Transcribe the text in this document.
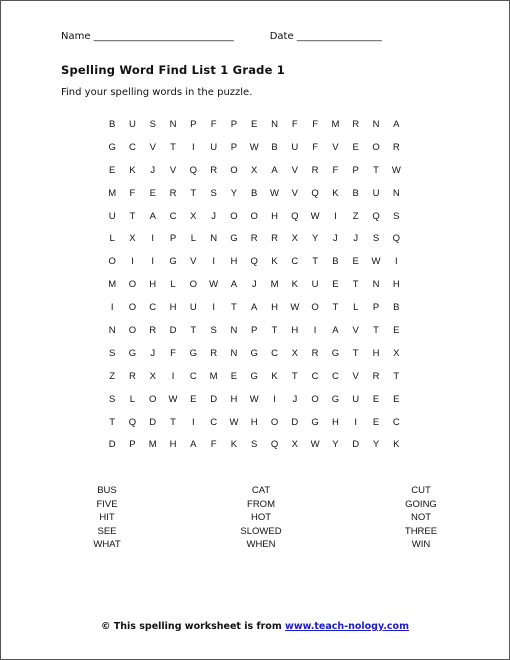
Name
____________________________	Date
_________________
Spelling Word Find List 1 Grade 1
Find your spelling words in the puzzle.
B	U	S	N	P	F	P	E	N	F	F	M	R	N	A
G	C	V	T	I	U	P	W	B	U	F	V	E	O	R
E	K	J	V	Q	R	O	X	A	V	R	F	P	T	W
M	F	E	R	T	S	Y	B	W	V	Q	K	B	U	N
U	T	A	C	X	J	O	O	H	Q	W	I	Z	Q	S
L	X	I	P	L	N	G	R	R	X	Y	J	J	S	Q
O	I	I	G	V	I	H	Q	K	C	T	B	E	W	I
M	O	H	L	O	W	A	J	M	K	U	E	T	N	H
I	O	C	H	U	I	T	A	H	W	O	T	L	P	B
N	O	R	D	T	S	N	P	T	H	I	A	V	T	E
S	G	J	F	G	R	N	G	C	X	R	G	T	H	X
Z	R	X	I	C	M	E	G	K	T	C	C	V	R	T
S	L	O	W	E	D	H	W	I	J	O	G	U	E	E
T	Q	D	T	I	C	W	H	O	D	G	H	I	E	C
D	P	M	H	A	F	K	S	Q	X	W	Y	D	Y	K
BUS	CAT	CUT
FIVE	FROM	GOING
HIT	HOT	NOT
SEE	SLOWED	THREE
WHAT	WHEN	WIN
© This spelling worksheet is from www.teach-nology.com
